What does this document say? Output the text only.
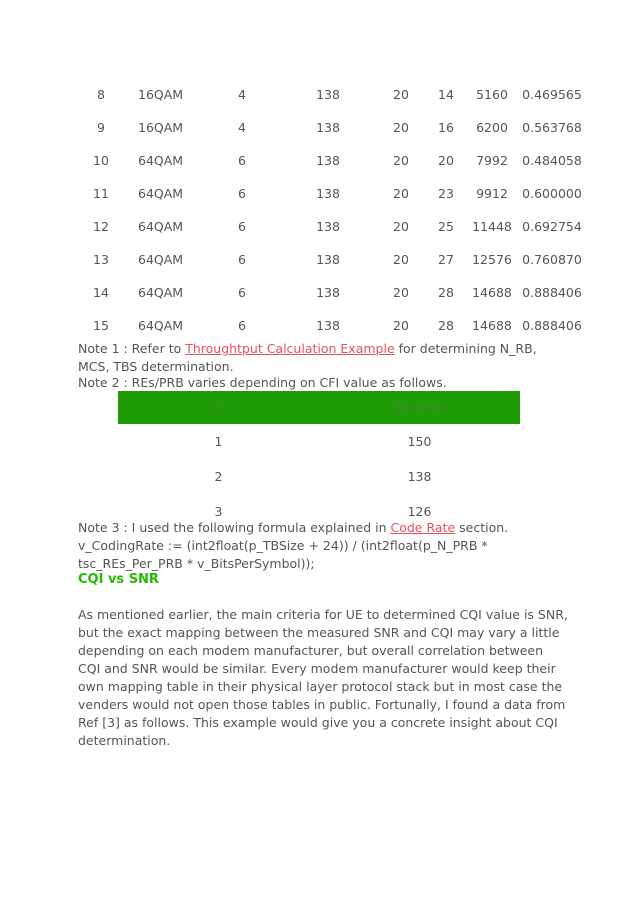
8	16QAM	4	138	20	14	5160	0.469565
9	16QAM	4	138	20	16	6200	0.563768
10	64QAM	6	138	20	20	7992	0.484058
11	64QAM	6	138	20	23	9912	0.600000
12	64QAM	6	138	20	25	11448	0.692754
13	64QAM	6	138	20	27	12576	0.760870
14	64QAM	6	138	20	28	14688	0.888406
15	64QAM	6	138	20	28	14688	0.888406
Note 1 : Refer to Throughtput Calculation Example for determining N_RB, MCS, TBS determination.
Note 2 : REs/PRB varies depending on CFI value as follows.
CFI	REs/PRB
1	150
2	138
3	126
Note 3 : I used the following formula explained in Code Rate section.
v_CodingRate := (int2float(p_TBSize + 24)) / (int2float(p_N_PRB * tsc_REs_Per_PRB * v_BitsPerSymbol));
CQI vs SNR
As mentioned earlier, the main criteria for UE to determined CQI value is SNR, but the exact mapping between the measured SNR and CQI may vary a little depending on each modem manufacturer, but overall correlation between CQI and SNR would be similar. Every modem manufacturer would keep their own mapping table in their physical layer protocol stack but in most case the venders would not open those tables in public. Fortunally, I found a data from Ref [3] as follows. This example would give you a concrete insight about CQI determination.
